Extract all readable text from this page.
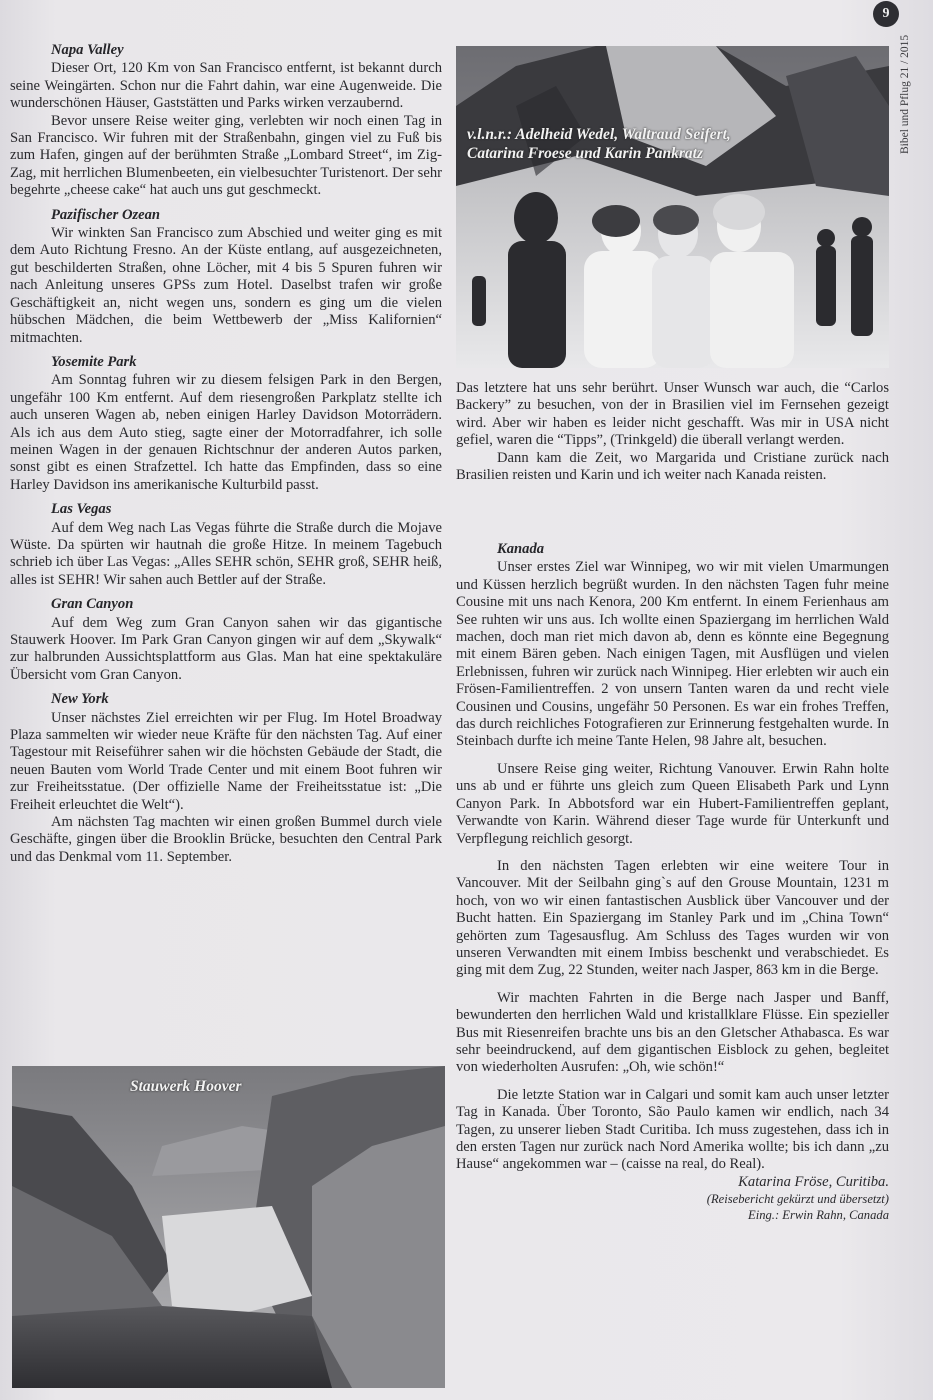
9
Bibel und Pflug 21 / 2015
v.l.n.r.: Adelheid Wedel, Waltraud Seifert,
Catarina Froese und Karin Pankratz
Stauwerk Hoover
Napa Valley

Dieser Ort, 120 Km von San Francisco entfernt, ist bekannt durch seine Weingärten. Schon nur die Fahrt dahin, war eine Augenweide. Die wunderschönen Häuser, Gaststätten und Parks wirken verzaubernd.

Bevor unsere Reise weiter ging, verlebten wir noch einen Tag in San Francisco. Wir fuhren mit der Straßenbahn, gingen viel zu Fuß bis zum Hafen, gingen auf der berühmten Straße „Lombard Street“, im Zig-Zag, mit herrlichen Blumenbeeten, ein vielbesuchter Turistenort. Der sehr begehrte „cheese cake“ hat auch uns gut geschmeckt.

Pazifischer Ozean

Wir winkten San Francisco zum Abschied und weiter ging es mit dem Auto Richtung Fresno. An der Küste entlang, auf ausgezeichneten, gut beschilderten Straßen, ohne Löcher, mit 4 bis 5 Spuren fuhren wir nach Anleitung unseres GPSs zum Hotel. Daselbst trafen wir große Geschäftigkeit an, nicht wegen uns, sondern es ging um die vielen hübschen Mädchen, die beim Wettbewerb der „Miss Kalifornien“ mitmachten.

Yosemite Park

Am Sonntag fuhren wir zu diesem felsigen Park in den Bergen, ungefähr 100 Km entfernt. Auf dem riesengroßen Parkplatz stellte ich auch unseren Wagen ab, neben einigen Harley Davidson Motorrädern. Als ich aus dem Auto stieg, sagte einer der Motorradfahrer, ich solle meinen Wagen in der genauen Richtschnur der anderen Autos parken, sonst gibt es einen Strafzettel. Ich hatte das Empfinden, dass so eine Harley Davidson ins amerikanische Kulturbild passt.

Las Vegas

Auf dem Weg nach Las Vegas führte die Straße durch die Mojave Wüste. Da spürten wir hautnah die große Hitze. In meinem Tagebuch schrieb ich über Las Vegas: „Alles SEHR schön, SEHR groß, SEHR heiß, alles ist SEHR! Wir sahen auch Bettler auf der Straße.

Gran Canyon

Auf dem Weg zum Gran Canyon sahen wir das gigantische Stauwerk Hoover. Im Park Gran Canyon gingen wir auf dem „Skywalk“ zur halbrunden Aussichtsplattform aus Glas. Man hat eine spektakuläre Übersicht vom Gran Canyon.

New York

Unser nächstes Ziel erreichten wir per Flug. Im Hotel Broadway Plaza sammelten wir wieder neue Kräfte für den nächsten Tag. Auf einer Tagestour mit Reiseführer sahen wir die höchsten Gebäude der Stadt, die neuen Bauten vom World Trade Center und mit einem Boot fuhren wir zur Freiheitsstatue. (Der offizielle Name der Freiheitsstatue ist: „Die Freiheit erleuchtet die Welt“).

Am nächsten Tag machten wir einen großen Bummel durch viele Geschäfte, gingen über die Brooklin Brücke, besuchten den Central Park und das Denkmal vom 11. September.

Das letztere hat uns sehr berührt. Unser Wunsch war auch, die “Carlos Backery” zu besuchen, von der in Brasilien viel im Fernsehen gezeigt wird. Aber wir haben es leider nicht geschafft. Was mir in USA nicht gefiel, waren die “Tipps”, (Trinkgeld) die überall verlangt werden.

Dann kam die Zeit, wo Margarida und Cristiane zurück nach Brasilien reisten und Karin und ich weiter nach Kanada reisten.

Kanada

Unser erstes Ziel war Winnipeg, wo wir mit vielen Umarmungen und Küssen herzlich begrüßt wurden. In den nächsten Tagen fuhr meine Cousine mit uns nach Kenora, 200 Km entfernt. In einem Ferienhaus am See ruhten wir uns aus. Ich wollte einen Spaziergang im herrlichen Wald machen, doch man riet mich davon ab, denn es könnte eine Begegnung mit einem Bären geben. Nach einigen Tagen, mit Ausflügen und vielen Erlebnissen, fuhren wir zurück nach Winnipeg. Hier erlebten wir auch ein Frösen-Familientreffen. 2 von unsern Tanten waren da und recht viele Cousinen und Cousins, ungefähr 50 Personen. Es war ein frohes Treffen, das durch reichliches Fotografieren zur Erinnerung festgehalten wurde. In Steinbach durfte ich meine Tante Helen, 98 Jahre alt, besuchen.

Unsere Reise ging weiter, Richtung Vanouver. Erwin Rahn holte uns ab und er führte uns gleich zum Queen Elisabeth Park und Lynn Canyon Park. In Abbotsford war ein Hubert-Familientreffen geplant, Verwandte von Karin. Während dieser Tage wurde für Unterkunft und Verpflegung reichlich gesorgt.

In den nächsten Tagen erlebten wir eine weitere Tour in Vancouver. Mit der Seilbahn ging`s auf den Grouse Mountain, 1231 m hoch, von wo wir einen fantastischen Ausblick über Vancouver und der Bucht hatten. Ein Spaziergang im Stanley Park und im „China Town“ gehörten zum Tagesausflug. Am Schluss des Tages wurden wir von unseren Verwandten mit einem Imbiss beschenkt und verabschiedet. Es ging mit dem Zug, 22 Stunden, weiter nach Jasper, 863 km in die Berge.

Wir machten Fahrten in die Berge nach Jasper und Banff, bewunderten den herrlichen Wald und kristallklare Flüsse. Ein spezieller Bus mit Riesenreifen brachte uns bis an den Gletscher Athabasca. Es war sehr beeindruckend, auf dem gigantischen Eisblock zu gehen, begleitet von wiederholten Ausrufen: „Oh, wie schön!“

Die letzte Station war in Calgari und somit kam auch unser letzter Tag in Kanada. Über Toronto, São Paulo kamen wir endlich, nach 34 Tagen, zu unserer lieben Stadt Curitiba. Ich muss zugestehen, dass ich in den ersten Tagen nur zurück nach Nord Amerika wollte; bis ich dann „zu Hause“ angekommen war – (caisse na real, do Real).

Katarina Fröse, Curitiba.
(Reisebericht gekürzt und übersetzt)
Eing.: Erwin Rahn, Canada
